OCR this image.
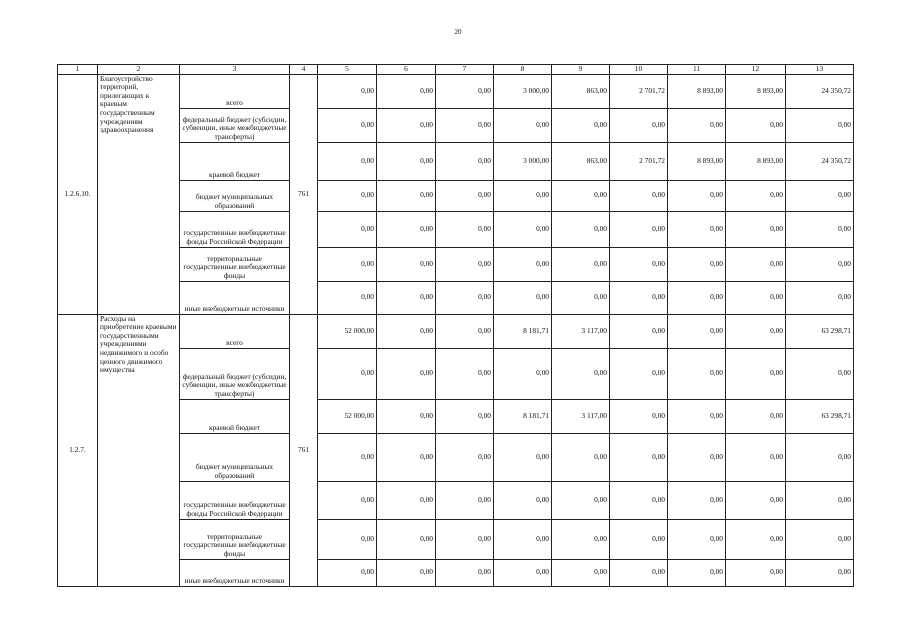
20
1	2	3	4	5	6	7	8	9	10	11	12	13
1.2.6.10.	Благоустройство территорий, прилегающих к краевым государственным учреждениям здравоохранения	всего	761	0,00	0,00	0,00	3 000,00	863,00	2 701,72	8 893,00	8 893,00	24 350,72
		федеральный бюджет (субсидии, субвенции, иные межбюджетные трансферты)		0,00	0,00	0,00	0,00	0,00	0,00	0,00	0,00	0,00
		краевой бюджет		0,00	0,00	0,00	3 000,00	863,00	2 701,72	8 893,00	8 893,00	24 350,72
		бюджет муниципальных образований		0,00	0,00	0,00	0,00	0,00	0,00	0,00	0,00	0,00
		государственные внебюджетные фонды Российской Федерации		0,00	0,00	0,00	0,00	0,00	0,00	0,00	0,00	0,00
		территориальные государственные внебюджетные фонды		0,00	0,00	0,00	0,00	0,00	0,00	0,00	0,00	0,00
		иные внебюджетные источники		0,00	0,00	0,00	0,00	0,00	0,00	0,00	0,00	0,00
1.2.7.	Расходы на приобретение краевыми государственными учреждениями недвижимого и особо ценного движимого имущества	всего	761	52 000,00	0,00	0,00	8 181,71	3 117,00	0,00	0,00	0,00	63 298,71
		федеральный бюджет (субсидии, субвенции, иные межбюджетные трансферты)		0,00	0,00	0,00	0,00	0,00	0,00	0,00	0,00	0,00
		краевой бюджет		52 000,00	0,00	0,00	8 181,71	3 117,00	0,00	0,00	0,00	63 298,71
		бюджет муниципальных образований		0,00	0,00	0,00	0,00	0,00	0,00	0,00	0,00	0,00
		государственные внебюджетные фонды Российской Федерации		0,00	0,00	0,00	0,00	0,00	0,00	0,00	0,00	0,00
		территориальные государственные внебюджетные фонды		0,00	0,00	0,00	0,00	0,00	0,00	0,00	0,00	0,00
		иные внебюджетные источники		0,00	0,00	0,00	0,00	0,00	0,00	0,00	0,00	0,00
